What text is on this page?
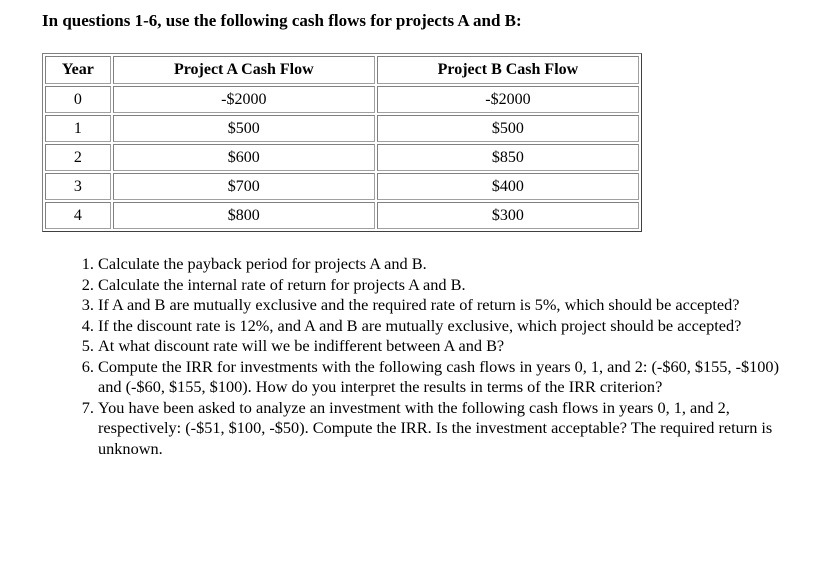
In questions 1-6, use the following cash flows for projects A and B:

Year	Project A Cash Flow	Project B Cash Flow
0	-$2000	-$2000
1	$500	$500
2	$600	$850
3	$700	$400
4	$800	$300
1. Calculate the payback period for projects A and B.
2. Calculate the internal rate of return for projects A and B.
3. If A and B are mutually exclusive and the required rate of return is 5%, which should be accepted?
4. If the discount rate is 12%, and A and B are mutually exclusive, which project should be accepted?
5. At what discount rate will we be indifferent between A and B?
6. Compute the IRR for investments with the following cash flows in years 0, 1, and 2: (-$60, $155, -$100) and (-$60, $155, $100). How do you interpret the results in terms of the IRR criterion?
7. You have been asked to analyze an investment with the following cash flows in years 0, 1, and 2, respectively: (-$51, $100, -$50). Compute the IRR. Is the investment acceptable? The required return is unknown.
